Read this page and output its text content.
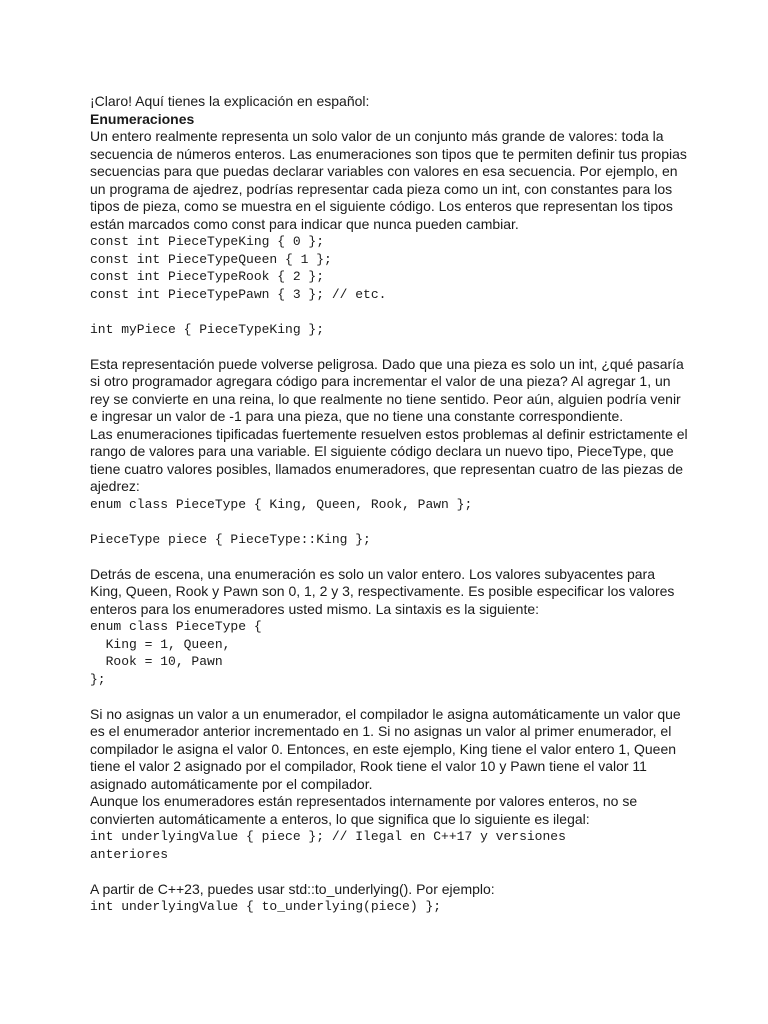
¡Claro! Aquí tienes la explicación en español:

Enumeraciones

Un entero realmente representa un solo valor de un conjunto más grande de valores: toda la secuencia de números enteros. Las enumeraciones son tipos que te permiten definir tus propias secuencias para que puedas declarar variables con valores en esa secuencia. Por ejemplo, en un programa de ajedrez, podrías representar cada pieza como un int, con constantes para los tipos de pieza, como se muestra en el siguiente código. Los enteros que representan los tipos están marcados como const para indicar que nunca pueden cambiar.

const int PieceTypeKing { 0 };

const int PieceTypeQueen { 1 };

const int PieceTypeRook { 2 };

const int PieceTypePawn { 3 }; // etc.

int myPiece { PieceTypeKing };

Esta representación puede volverse peligrosa. Dado que una pieza es solo un int, ¿qué pasaría si otro programador agregara código para incrementar el valor de una pieza? Al agregar 1, un rey se convierte en una reina, lo que realmente no tiene sentido. Peor aún, alguien podría venir e ingresar un valor de -1 para una pieza, que no tiene una constante correspondiente.

Las enumeraciones tipificadas fuertemente resuelven estos problemas al definir estrictamente el rango de valores para una variable. El siguiente código declara un nuevo tipo, PieceType, que tiene cuatro valores posibles, llamados enumeradores, que representan cuatro de las piezas de ajedrez:

enum class PieceType { King, Queen, Rook, Pawn };

PieceType piece { PieceType::King };

Detrás de escena, una enumeración es solo un valor entero. Los valores subyacentes para King, Queen, Rook y Pawn son 0, 1, 2 y 3, respectivamente. Es posible especificar los valores enteros para los enumeradores usted mismo. La sintaxis es la siguiente:

enum class PieceType {

King = 1, Queen,

Rook = 10, Pawn

};

Si no asignas un valor a un enumerador, el compilador le asigna automáticamente un valor que es el enumerador anterior incrementado en 1. Si no asignas un valor al primer enumerador, el compilador le asigna el valor 0. Entonces, en este ejemplo, King tiene el valor entero 1, Queen tiene el valor 2 asignado por el compilador, Rook tiene el valor 10 y Pawn tiene el valor 11 asignado automáticamente por el compilador.

Aunque los enumeradores están representados internamente por valores enteros, no se convierten automáticamente a enteros, lo que significa que lo siguiente es ilegal:

int underlyingValue { piece }; // Ilegal en C++17 y versiones

anteriores

A partir de C++23, puedes usar std::to_underlying(). Por ejemplo:

int underlyingValue { to_underlying(piece) };
